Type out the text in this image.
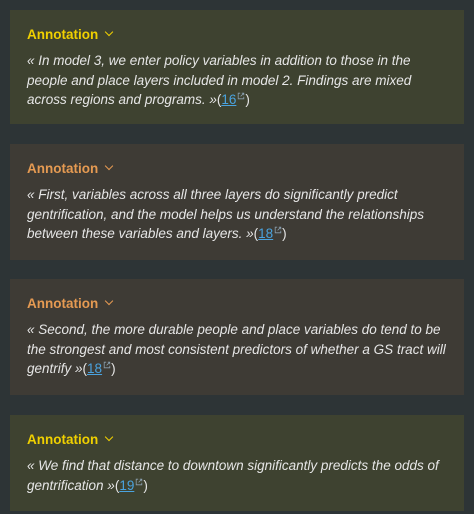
Annotation
« In model 3, we enter policy variables in addition to those in the people and place layers included in model 2. Findings are mixed across regions and programs. »(16 )
Annotation
« First, variables across all three layers do significantly predict gentrification, and the model helps us understand the relationships between these variables and layers. »(18 )
Annotation
« Second, the more durable people and place variables do tend to be the strongest and most consistent predictors of whether a GS tract will gentrify »(18 )
Annotation
« We find that distance to downtown significantly predicts the odds of gentrification »(19 )
